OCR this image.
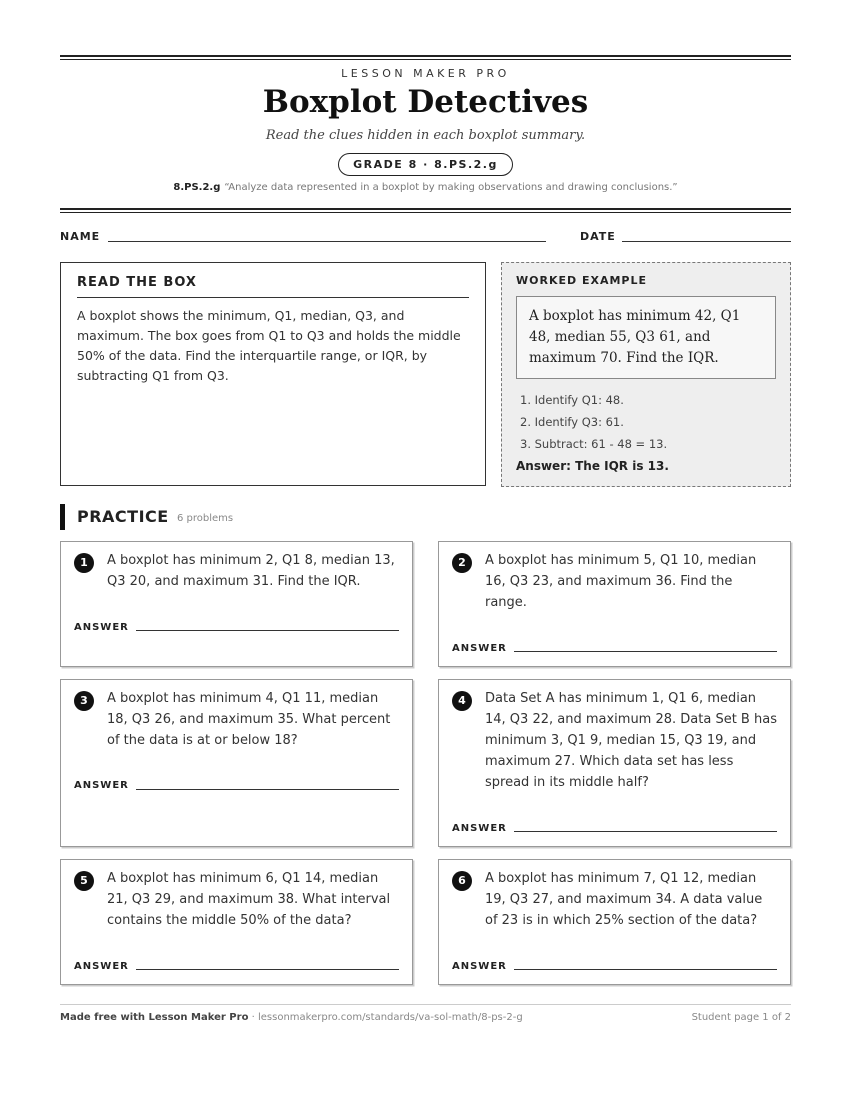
LESSON MAKER PRO
Boxplot Detectives
Read the clues hidden in each boxplot summary.
GRADE 8 · 8.PS.2.g
8.PS.2.g “Analyze data represented in a boxplot by making observations and drawing conclusions.”
NAME	DATE
READ THE BOX
A boxplot shows the minimum, Q1, median, Q3, and maximum. The box goes from Q1 to Q3 and holds the middle 50% of the data. Find the interquartile range, or IQR, by subtracting Q1 from Q3.
WORKED EXAMPLE
A boxplot has minimum 42, Q1 48, median 55, Q3 61, and maximum 70. Find the IQR.
1. Identify Q1: 48.
2. Identify Q3: 61.
3. Subtract: 61 - 48 = 13.
Answer: The IQR is 13.
PRACTICE 6 problems
1	A boxplot has minimum 2, Q1 8, median 13, Q3 20, and maximum 31. Find the IQR.
ANSWER
2	A boxplot has minimum 5, Q1 10, median 16, Q3 23, and maximum 36. Find the range.
ANSWER
3	A boxplot has minimum 4, Q1 11, median 18, Q3 26, and maximum 35. What percent of the data is at or below 18?
ANSWER
4	Data Set A has minimum 1, Q1 6, median 14, Q3 22, and maximum 28. Data Set B has minimum 3, Q1 9, median 15, Q3 19, and maximum 27. Which data set has less spread in its middle half?
ANSWER
5	A boxplot has minimum 6, Q1 14, median 21, Q3 29, and maximum 38. What interval contains the middle 50% of the data?
ANSWER
6	A boxplot has minimum 7, Q1 12, median 19, Q3 27, and maximum 34. A data value of 23 is in which 25% section of the data?
ANSWER
Made free with Lesson Maker Pro · lessonmakerpro.com/standards/va-sol-math/8-ps-2-g	Student page 1 of 2
